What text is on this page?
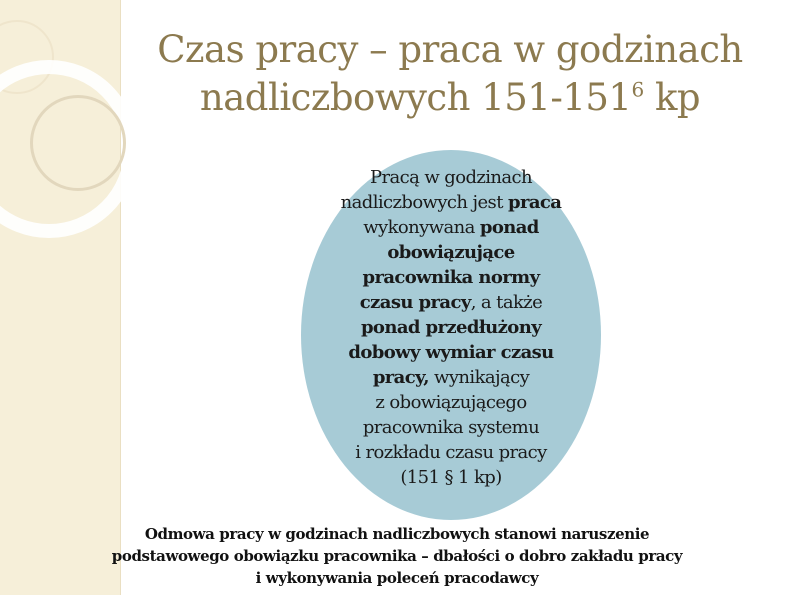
Czas pracy – praca w godzinach
nadliczbowych $151-151^6$ kp
Pracą w godzinach
nadliczbowych jest praca
wykonywana ponad
obowiązujące
pracownika normy
czasu pracy, a także
ponad przedłużony
dobowy wymiar czasu
pracy, wynikający
z obowiązującego
pracownika systemu
i rozkładu czasu pracy
(151 § 1 kp)
Odmowa pracy w godzinach nadliczbowych stanowi naruszenie
podstawowego obowiązku pracownika – dbałości o dobro zakładu pracy
i wykonywania poleceń pracodawcy
